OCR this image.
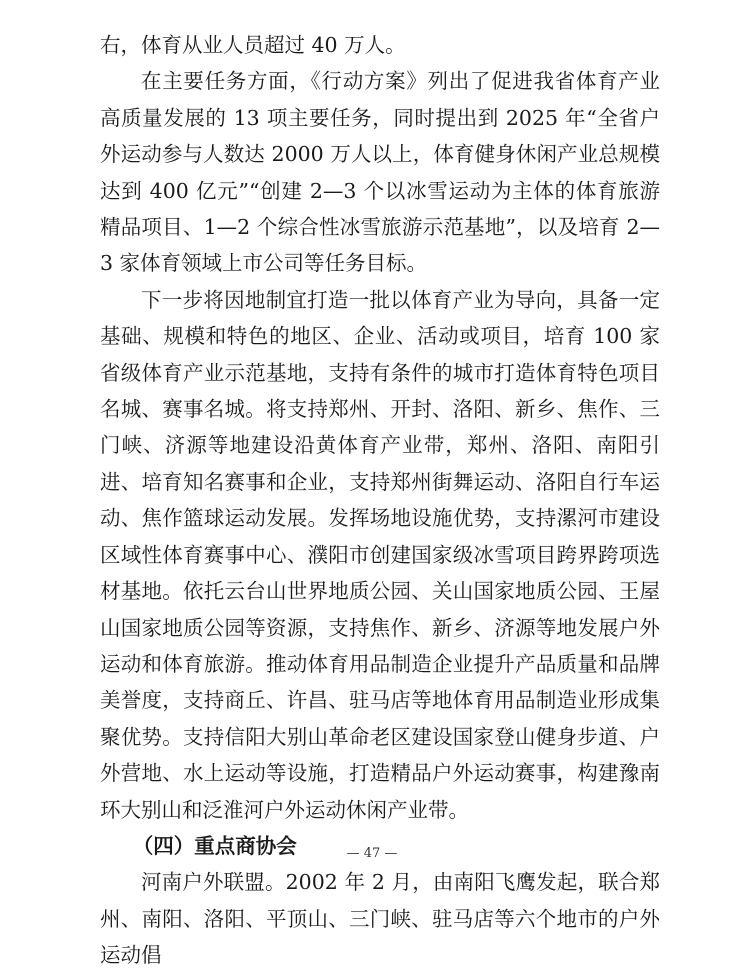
右，体育从业人员超过 40 万人。

在主要任务方面，《行动方案》列出了促进我省体育产业高质量发展的 13 项主要任务，同时提出到 2025 年“全省户外运动参与人数达 2000 万人以上，体育健身休闲产业总规模达到 400 亿元”“创建 2—3 个以冰雪运动为主体的体育旅游精品项目、1—2 个综合性冰雪旅游示范基地”，以及培育 2—3 家体育领域上市公司等任务目标。

下一步将因地制宜打造一批以体育产业为导向，具备一定基础、规模和特色的地区、企业、活动或项目，培育 100 家省级体育产业示范基地，支持有条件的城市打造体育特色项目名城、赛事名城。将支持郑州、开封、洛阳、新乡、焦作、三门峡、济源等地建设沿黄体育产业带，郑州、洛阳、南阳引进、培育知名赛事和企业，支持郑州街舞运动、洛阳自行车运动、焦作篮球运动发展。发挥场地设施优势，支持漯河市建设区域性体育赛事中心、濮阳市创建国家级冰雪项目跨界跨项选材基地。依托云台山世界地质公园、关山国家地质公园、王屋山国家地质公园等资源，支持焦作、新乡、济源等地发展户外运动和体育旅游。推动体育用品制造企业提升产品质量和品牌美誉度，支持商丘、许昌、驻马店等地体育用品制造业形成集聚优势。支持信阳大别山革命老区建设国家登山健身步道、户外营地、水上运动等设施，打造精品户外运动赛事，构建豫南环大别山和泛淮河户外运动休闲产业带。

（四）重点商协会

河南户外联盟。2002 年 2 月，由南阳飞鹰发起，联合郑州、南阳、洛阳、平顶山、三门峡、驻马店等六个地市的户外运动倡

— 47 —
